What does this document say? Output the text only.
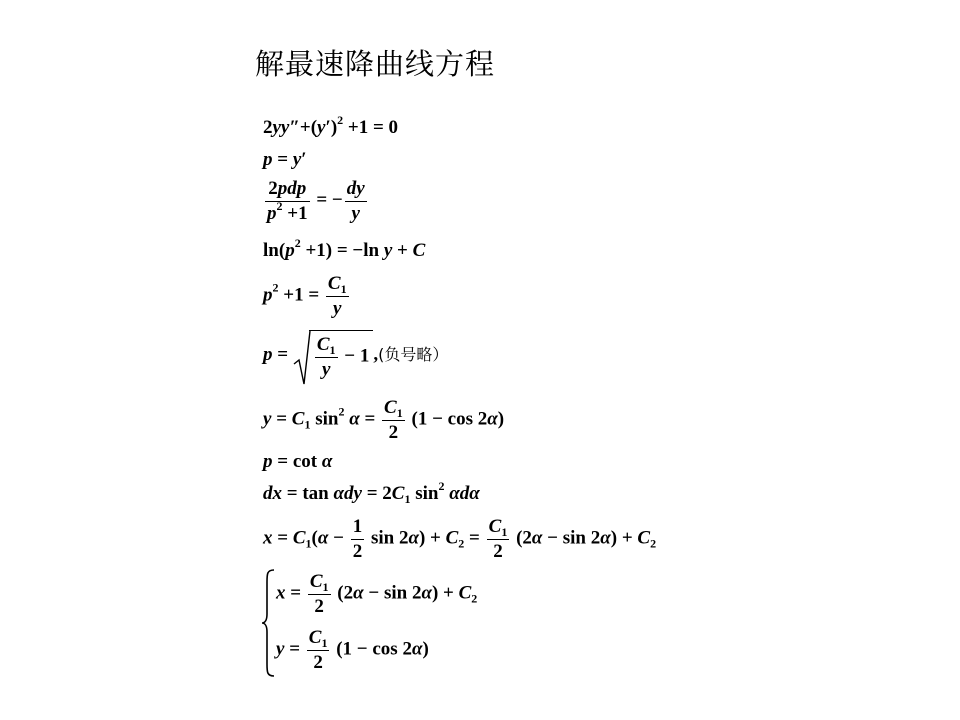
解最速降曲线方程
$2yy''+(y')^2 +1 = 0$
p = y′
$\frac{\text{2pdp}}{p^2 +1}$ = − $\frac{dy}{y}$
$\ln(p^2 +1) = -\ln$ y + C
$p^2 +1 = \frac{C_1}{y}$
$p = \frac{C_1}{y} - 1$ ,(负号略）
$y = C_1$ $\sin^2 \alpha = \frac{C_1}{2} (1 - \cos 2\alpha)$
p = cot α
dx = $\tan \alpha dy = 2C_1$ $\sin^2 \alpha d\alpha$
$x = C_1(\alpha - \frac{1}{2}$ $\sin 2\alpha) + C_2 = \frac{C_1}{2} (2\alpha - \sin 2\alpha) + C_2$
$x = \frac{C_1}{2} (2\alpha - \sin 2\alpha) + C_2$
$y = \frac{C_1}{2} (1 - \cos 2\alpha)$
